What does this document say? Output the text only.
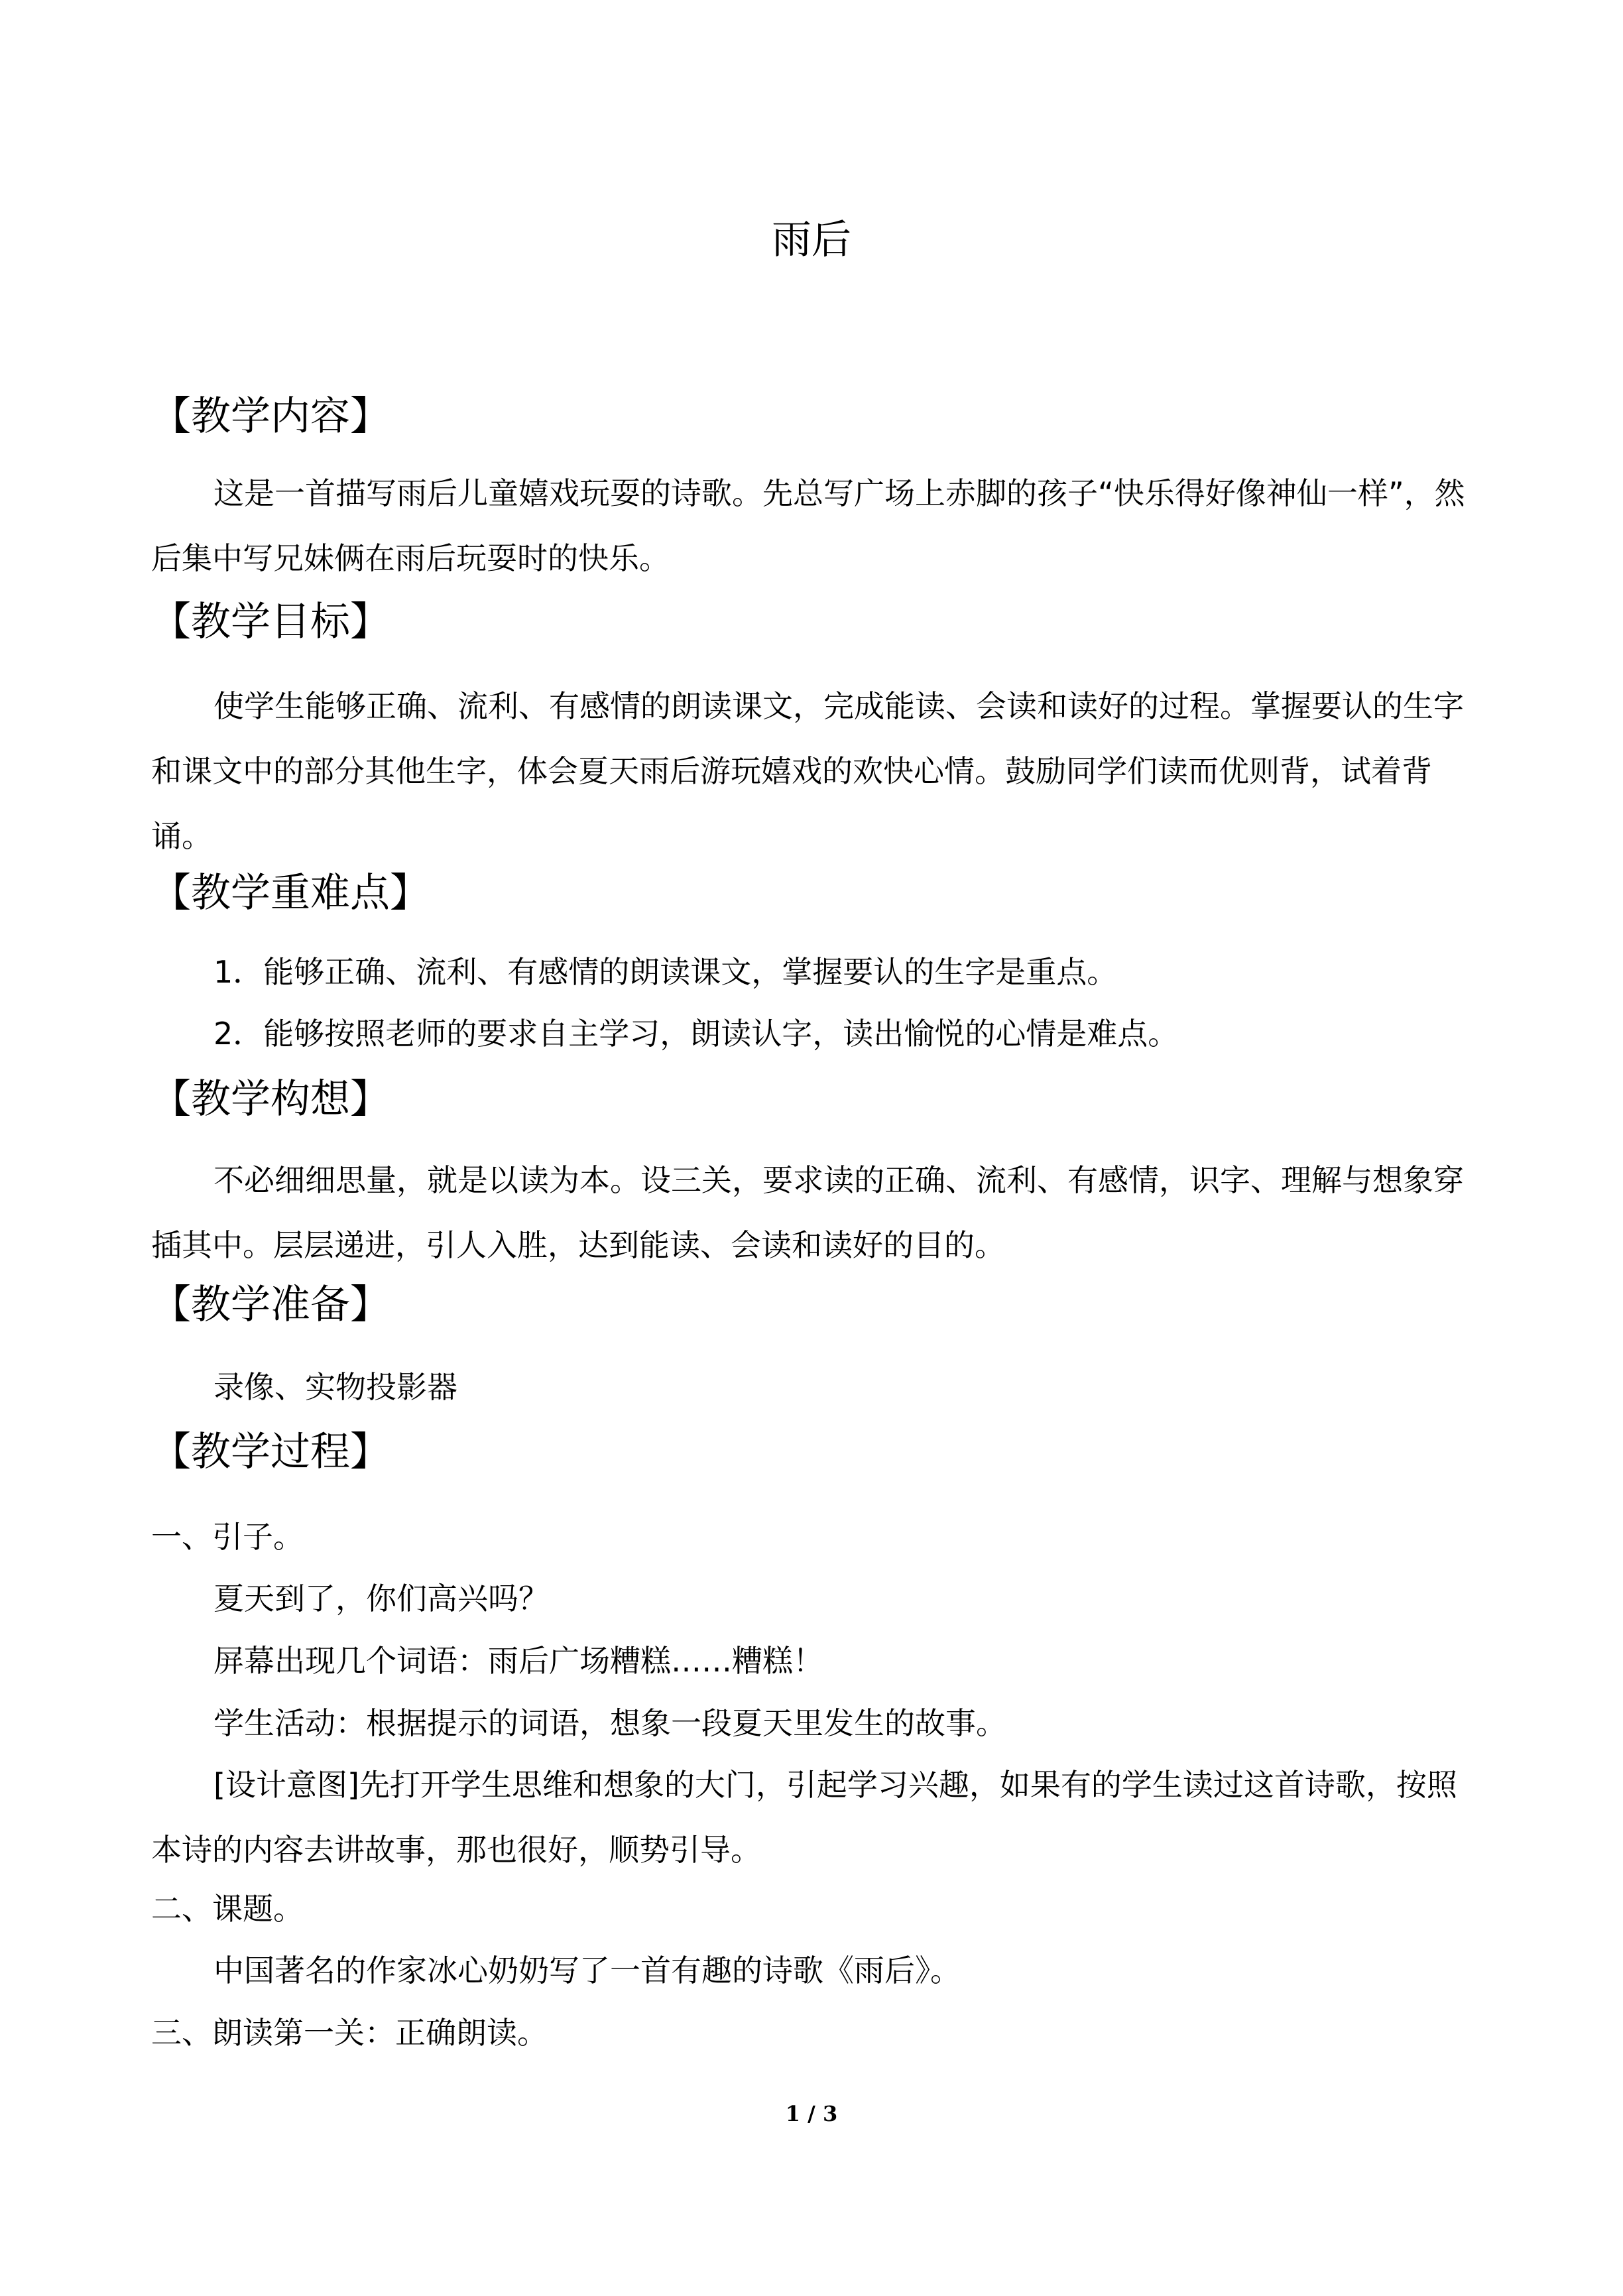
雨后
【教学内容】
这是一首描写雨后儿童嬉戏玩耍的诗歌。先总写广场上赤脚的孩子“快乐得好像神仙一样”，然后集中写兄妹俩在雨后玩耍时的快乐。
【教学目标】
使学生能够正确、流利、有感情的朗读课文，完成能读、会读和读好的过程。掌握要认的生字和课文中的部分其他生字，体会夏天雨后游玩嬉戏的欢快心情。鼓励同学们读而优则背，试着背诵。
【教学重难点】
1．能够正确、流利、有感情的朗读课文，掌握要认的生字是重点。
2．能够按照老师的要求自主学习，朗读认字，读出愉悦的心情是难点。
【教学构想】
不必细细思量，就是以读为本。设三关，要求读的正确、流利、有感情，识字、理解与想象穿插其中。层层递进，引人入胜，达到能读、会读和读好的目的。
【教学准备】
录像、实物投影器
【教学过程】
一、引子。
夏天到了，你们高兴吗？
屏幕出现几个词语：雨后广场糟糕……糟糕！
学生活动：根据提示的词语，想象一段夏天里发生的故事。
[设计意图]先打开学生思维和想象的大门，引起学习兴趣，如果有的学生读过这首诗歌，按照本诗的内容去讲故事，那也很好，顺势引导。
二、课题。
中国著名的作家冰心奶奶写了一首有趣的诗歌《雨后》。
三、朗读第一关：正确朗读。
1 / 3
